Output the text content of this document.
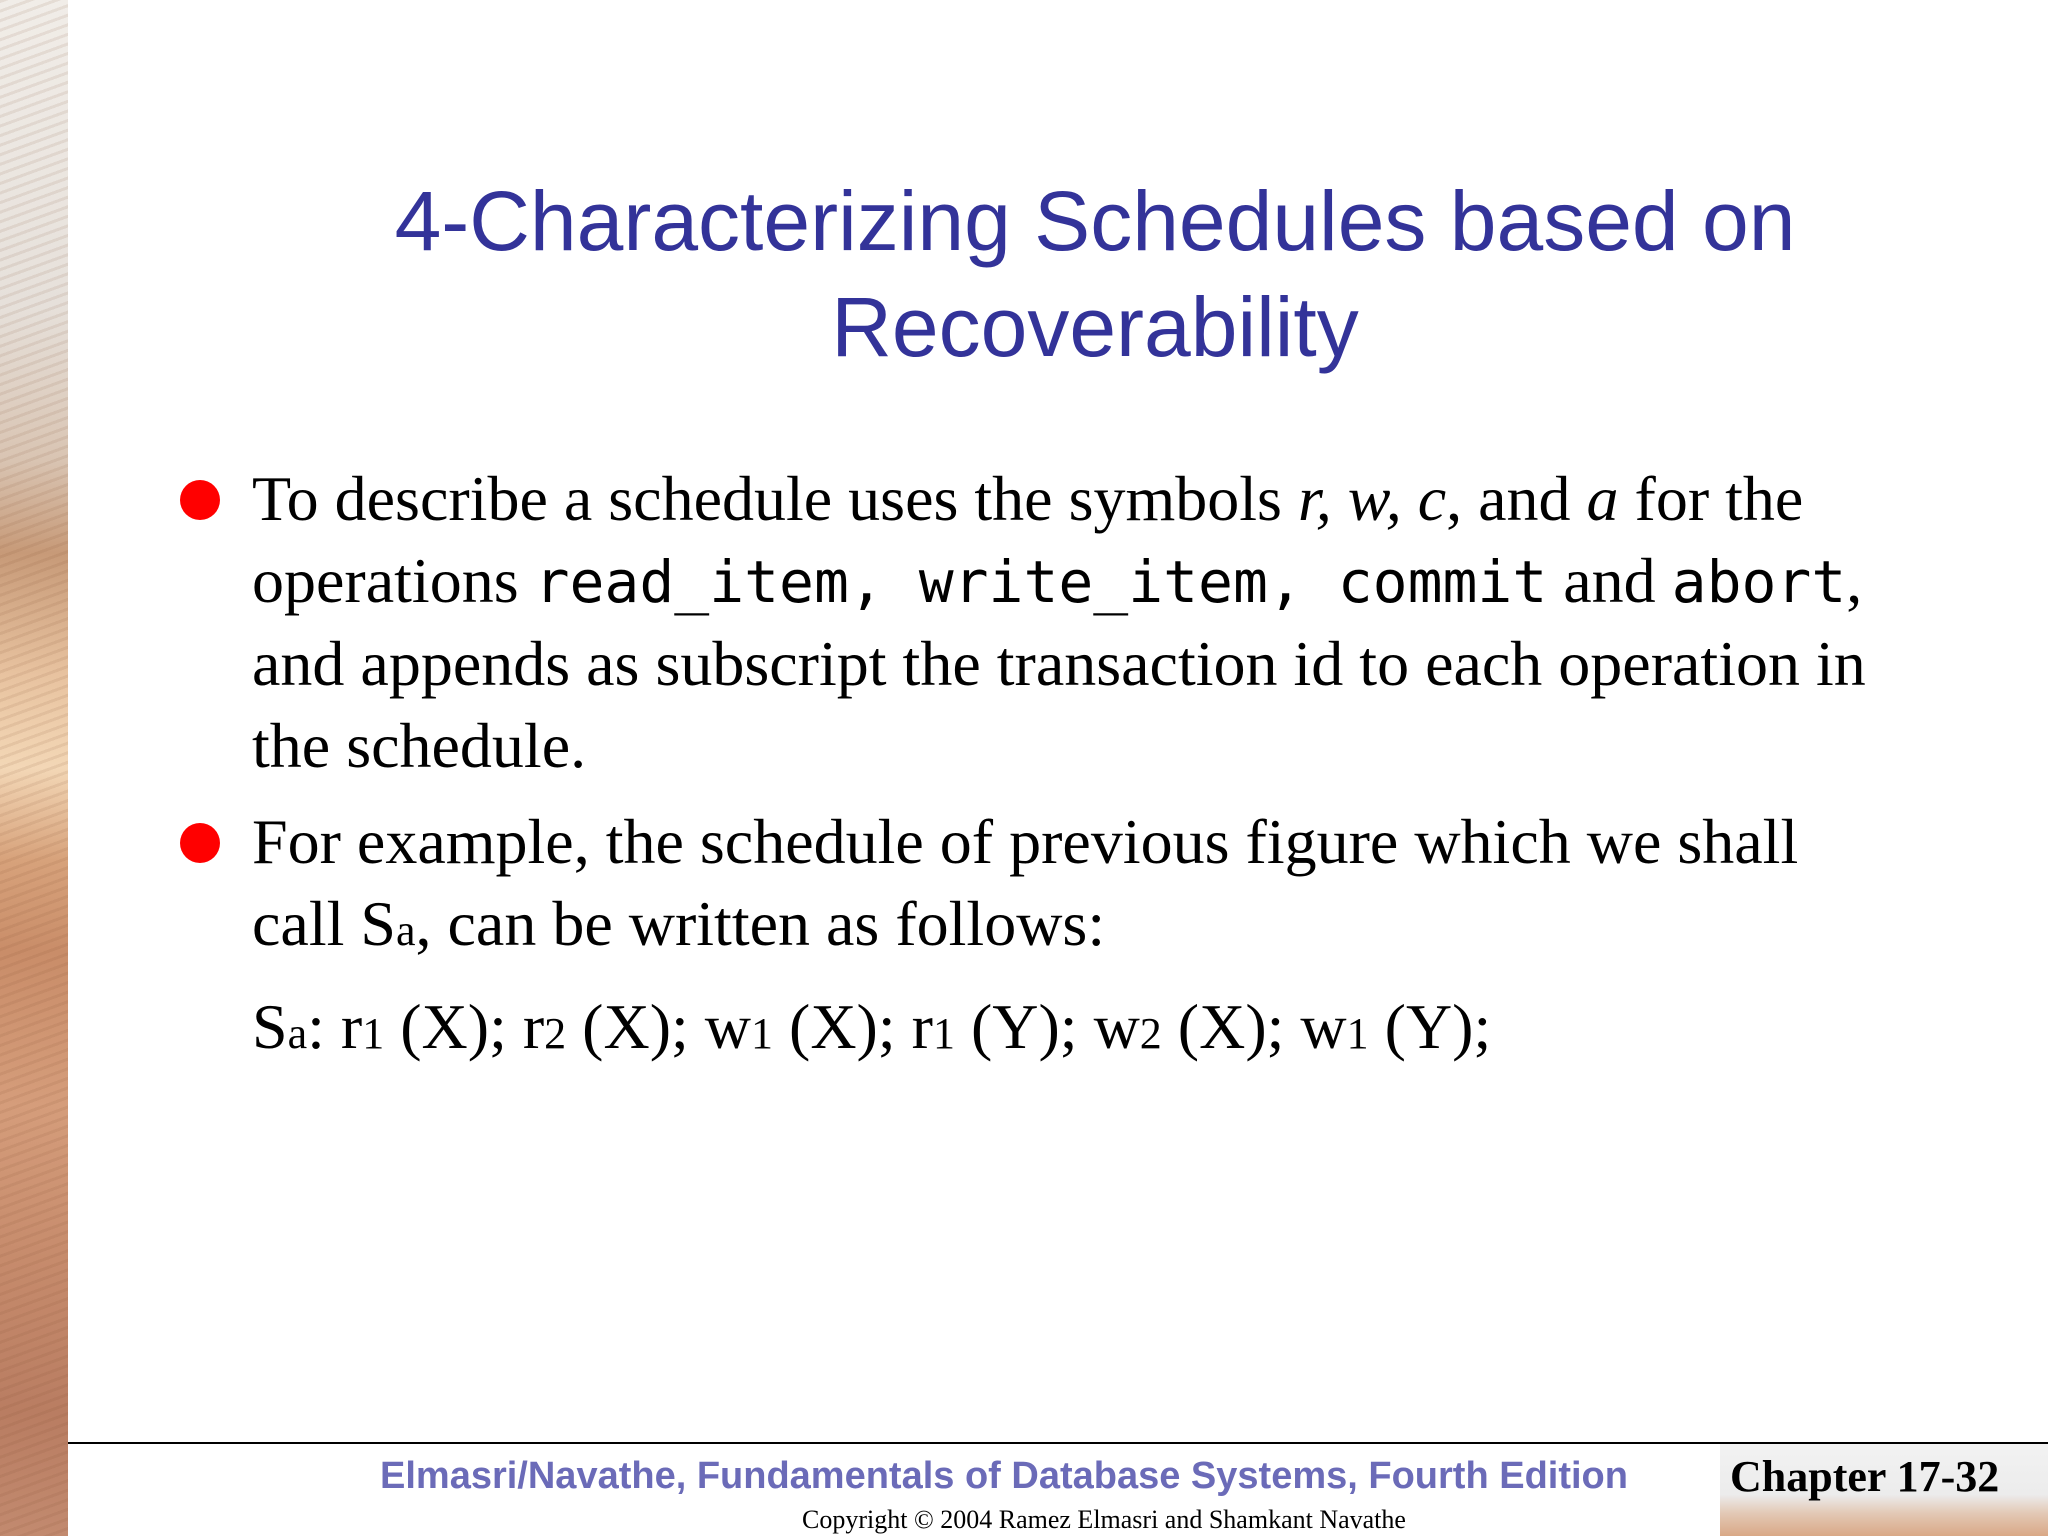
4-Characterizing Schedules based on
Recoverability
To describe a schedule uses the symbols r, w, c, and a for the operations read_item, write_item, commit and abort, and appends as subscript the transaction id to each operation in the schedule.
For example, the schedule of previous figure which we shall call Sa, can be written as follows:
Sa: r1 (X); r2 (X); w1 (X); r1 (Y); w2 (X); w1 (Y);
Elmasri/Navathe, Fundamentals of Database Systems, Fourth Edition Chapter 17-32
Copyright © 2004 Ramez Elmasri and Shamkant Navathe
